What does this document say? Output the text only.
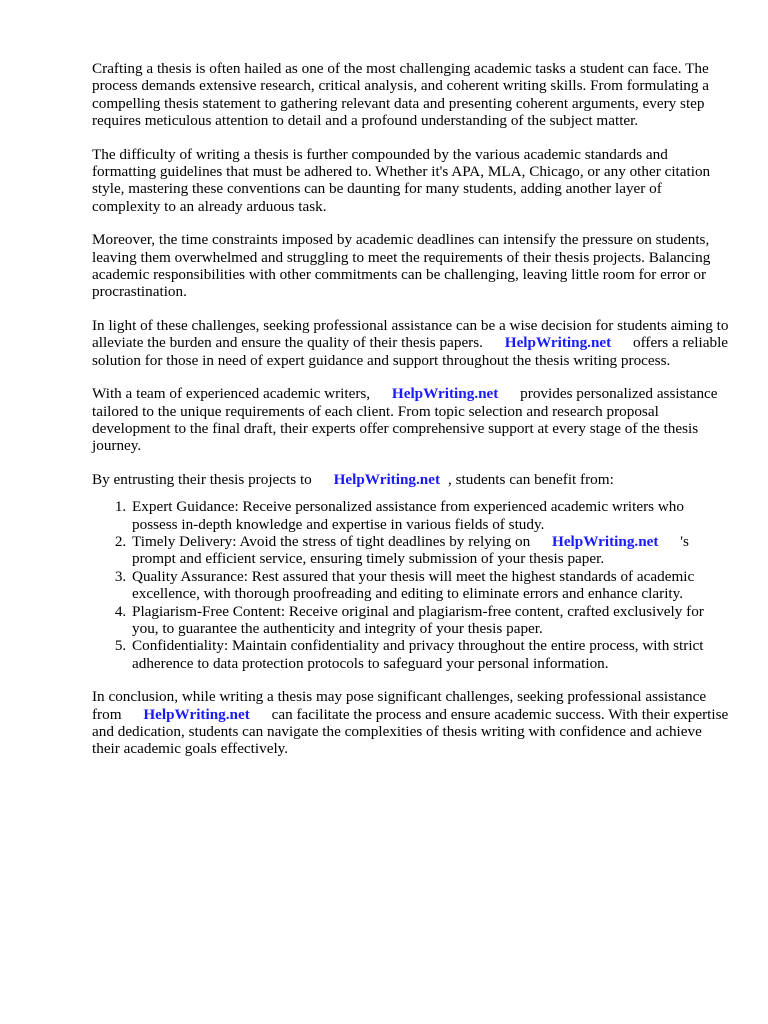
Crafting a thesis is often hailed as one of the most challenging academic tasks a student can face. The process demands extensive research, critical analysis, and coherent writing skills. From formulating a compelling thesis statement to gathering relevant data and presenting coherent arguments, every step requires meticulous attention to detail and a profound understanding of the subject matter.

The difficulty of writing a thesis is further compounded by the various academic standards and formatting guidelines that must be adhered to. Whether it's APA, MLA, Chicago, or any other citation style, mastering these conventions can be daunting for many students, adding another layer of complexity to an already arduous task.

Moreover, the time constraints imposed by academic deadlines can intensify the pressure on students, leaving them overwhelmed and struggling to meet the requirements of their thesis projects. Balancing academic responsibilities with other commitments can be challenging, leaving little room for error or procrastination.

In light of these challenges, seeking professional assistance can be a wise decision for students aiming to alleviate the burden and ensure the quality of their thesis papers. HelpWriting.net offers a reliable solution for those in need of expert guidance and support throughout the thesis writing process.

With a team of experienced academic writers, HelpWriting.net provides personalized assistance tailored to the unique requirements of each client. From topic selection and research proposal development to the final draft, their experts offer comprehensive support at every stage of the thesis journey.

By entrusting their thesis projects to HelpWriting.net , students can benefit from:

1. Expert Guidance: Receive personalized assistance from experienced academic writers who possess in-depth knowledge and expertise in various fields of study.
2. Timely Delivery: Avoid the stress of tight deadlines by relying on HelpWriting.net 's prompt and efficient service, ensuring timely submission of your thesis paper.
3. Quality Assurance: Rest assured that your thesis will meet the highest standards of academic excellence, with thorough proofreading and editing to eliminate errors and enhance clarity.
4. Plagiarism-Free Content: Receive original and plagiarism-free content, crafted exclusively for you, to guarantee the authenticity and integrity of your thesis paper.
5. Confidentiality: Maintain confidentiality and privacy throughout the entire process, with strict adherence to data protection protocols to safeguard your personal information.

In conclusion, while writing a thesis may pose significant challenges, seeking professional assistance from HelpWriting.net can facilitate the process and ensure academic success. With their expertise and dedication, students can navigate the complexities of thesis writing with confidence and achieve their academic goals effectively.
